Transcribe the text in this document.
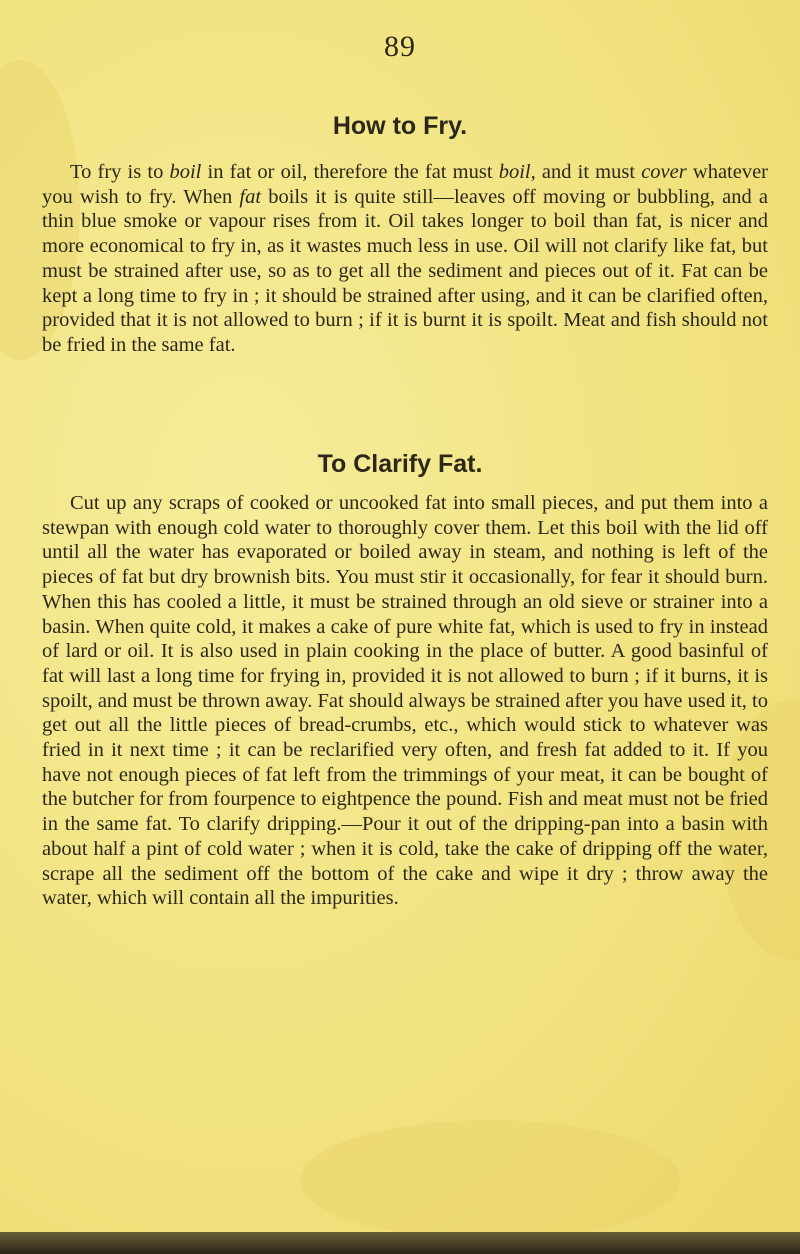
89
How to Fry.
To fry is to boil in fat or oil, therefore the fat must boil, and it must cover whatever you wish to fry. When fat boils it is quite still—leaves off moving or bubbling, and a thin blue smoke or vapour rises from it. Oil takes longer to boil than fat, is nicer and more economical to fry in, as it wastes much less in use. Oil will not clarify like fat, but must be strained after use, so as to get all the sediment and pieces out of it. Fat can be kept a long time to fry in ; it should be strained after using, and it can be clarified often, provided that it is not allowed to burn ; if it is burnt it is spoilt. Meat and fish should not be fried in the same fat.
To Clarify Fat.
Cut up any scraps of cooked or uncooked fat into small pieces, and put them into a stewpan with enough cold water to thoroughly cover them. Let this boil with the lid off until all the water has evaporated or boiled away in steam, and nothing is left of the pieces of fat but dry brownish bits. You must stir it occasionally, for fear it should burn. When this has cooled a little, it must be strained through an old sieve or strainer into a basin. When quite cold, it makes a cake of pure white fat, which is used to fry in instead of lard or oil. It is also used in plain cooking in the place of butter. A good basinful of fat will last a long time for frying in, provided it is not allowed to burn ; if it burns, it is spoilt, and must be thrown away. Fat should always be strained after you have used it, to get out all the little pieces of bread-crumbs, etc., which would stick to whatever was fried in it next time ; it can be reclarified very often, and fresh fat added to it. If you have not enough pieces of fat left from the trimmings of your meat, it can be bought of the butcher for from fourpence to eightpence the pound. Fish and meat must not be fried in the same fat. To clarify dripping.—Pour it out of the dripping-pan into a basin with about half a pint of cold water ; when it is cold, take the cake of dripping off the water, scrape all the sediment off the bottom of the cake and wipe it dry ; throw away the water, which will contain all the impurities.
